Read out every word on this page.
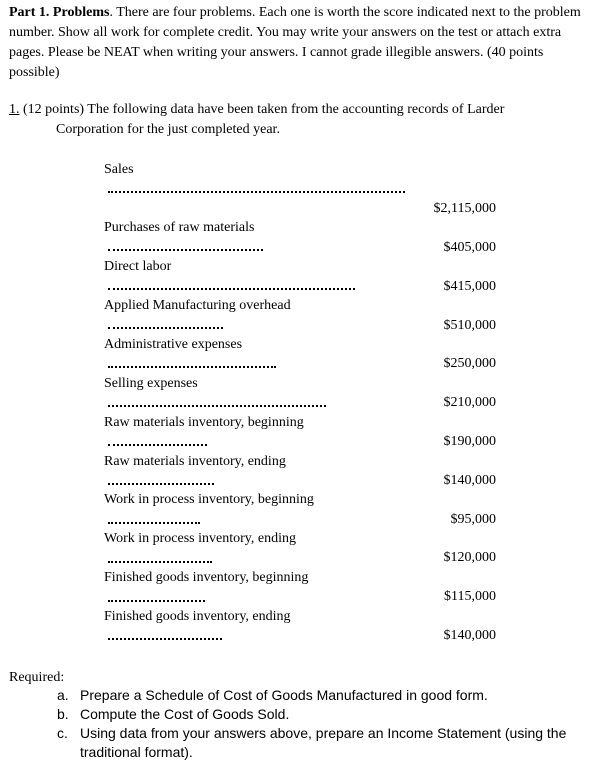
Part 1. Problems. There are four problems. Each one is worth the score indicated next to the problem number. Show all work for complete credit. You may write your answers on the test or attach extra pages. Please be NEAT when writing your answers. I cannot grade illegible answers. (40 points possible)
1. (12 points) The following data have been taken from the accounting records of Larder
Corporation for the just completed year.
Sales
$2,115,000
Purchases of raw materials
$405,000
Direct labor
$415,000
Applied Manufacturing overhead
$510,000
Administrative expenses
$250,000
Selling expenses
$210,000
Raw materials inventory, beginning
$190,000
Raw materials inventory, ending
$140,000
Work in process inventory, beginning
$95,000
Work in process inventory, ending
$120,000
Finished goods inventory, beginning
$115,000
Finished goods inventory, ending
$140,000
Required:
a. Prepare a Schedule of Cost of Goods Manufactured in good form.
b. Compute the Cost of Goods Sold.
c. Using data from your answers above, prepare an Income Statement (using the traditional format).
